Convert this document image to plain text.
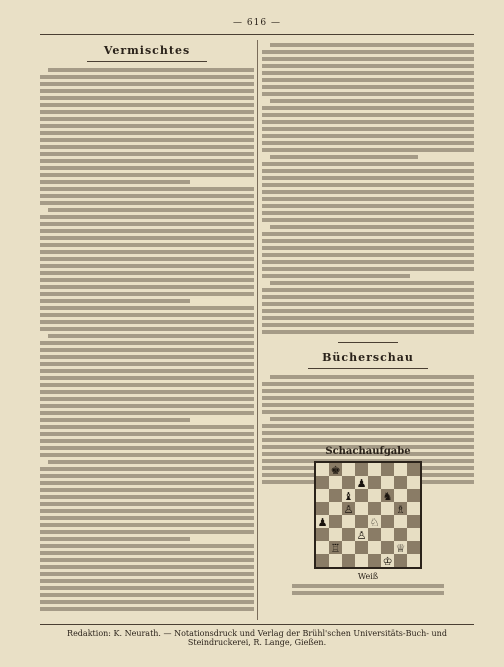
— 616 —
Vermischtes
Bücherschau
Schachaufgabe
♚
♟
♞
♙	♗
♟	♘
♙
♖	♕
♔
♝
Weiß
Redaktion: K. Neurath. — Notationsdruck und Verlag der Brühl'schen Universitäts-Buch- und Steindruckerei, R. Lange, Gießen.
